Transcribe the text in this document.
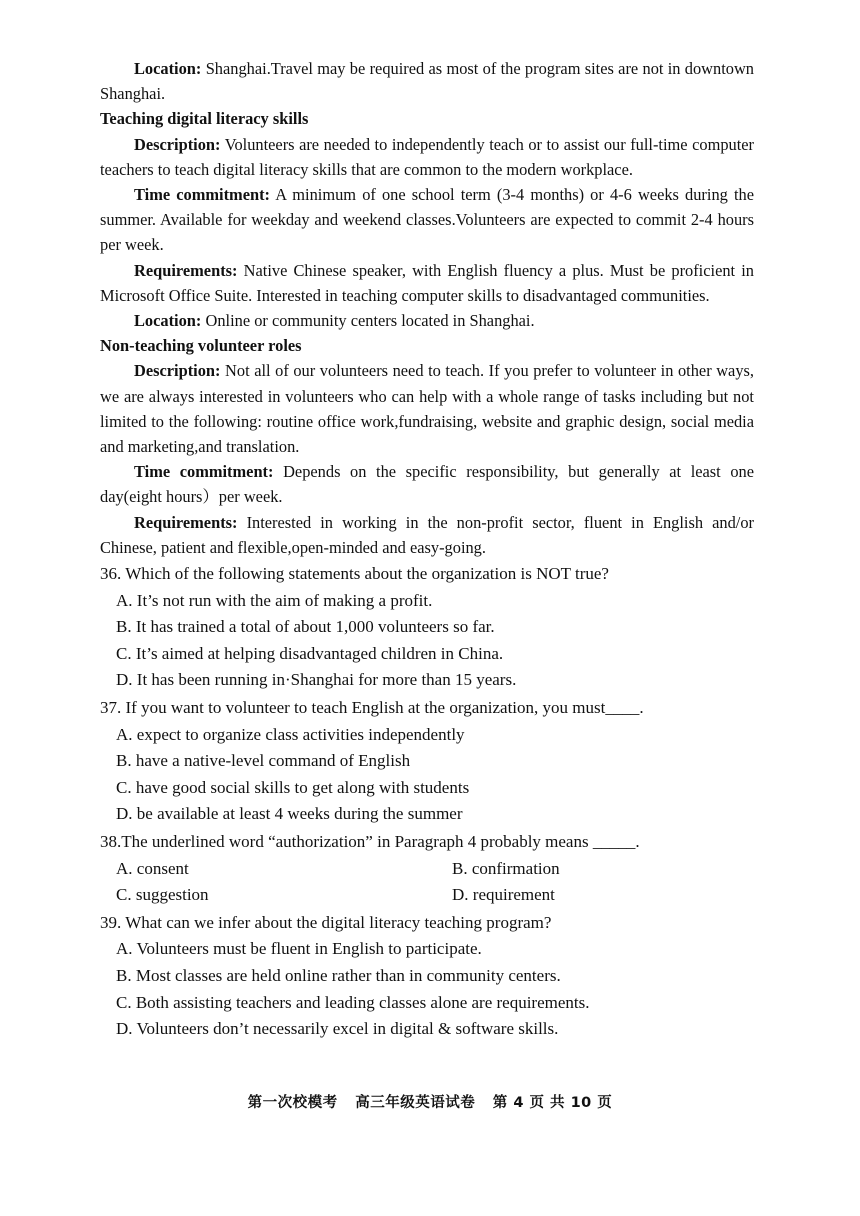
Location: Shanghai.Travel may be required as most of the program sites are not in downtown Shanghai.

Teaching digital literacy skills

Description: Volunteers are needed to independently teach or to assist our full-time computer teachers to teach digital literacy skills that are common to the modern workplace.

Time commitment: A minimum of one school term (3-4 months) or 4-6 weeks during the summer. Available for weekday and weekend classes.Volunteers are expected to commit 2-4 hours per week.

Requirements: Native Chinese speaker, with English fluency a plus. Must be proficient in Microsoft Office Suite. Interested in teaching computer skills to disadvantaged communities.

Location: Online or community centers located in Shanghai.

Non-teaching volunteer roles

Description: Not all of our volunteers need to teach. If you prefer to volunteer in other ways, we are always interested in volunteers who can help with a whole range of tasks including but not limited to the following: routine office work,fundraising, website and graphic design, social media and marketing,and translation.

Time commitment: Depends on the specific responsibility, but generally at least one day(eight hours）per week.

Requirements: Interested in working in the non-profit sector, fluent in English and/or Chinese, patient and flexible,open-minded and easy-going.

36. Which of the following statements about the organization is NOT true?

A. It’s not run with the aim of making a profit.

B. It has trained a total of about 1,000 volunteers so far.

C. It’s aimed at helping disadvantaged children in China.

D. It has been running in·Shanghai for more than 15 years.

37. If you want to volunteer to teach English at the organization, you must____.

A. expect to organize class activities independently

B. have a native-level command of English

C. have good social skills to get along with students

D. be available at least 4 weeks during the summer

38.The underlined word “authorization” in Paragraph 4 probably means _____.

A. consent	B. confirmation
C. suggestion	D. requirement

39. What can we infer about the digital literacy teaching program?

A. Volunteers must be fluent in English to participate.

B. Most classes are held online rather than in community centers.

C. Both assisting teachers and leading classes alone are requirements.

D. Volunteers don’t necessarily excel in digital & software skills.

第一次校模考 高三年级英语试卷 第 4 页 共 10 页
